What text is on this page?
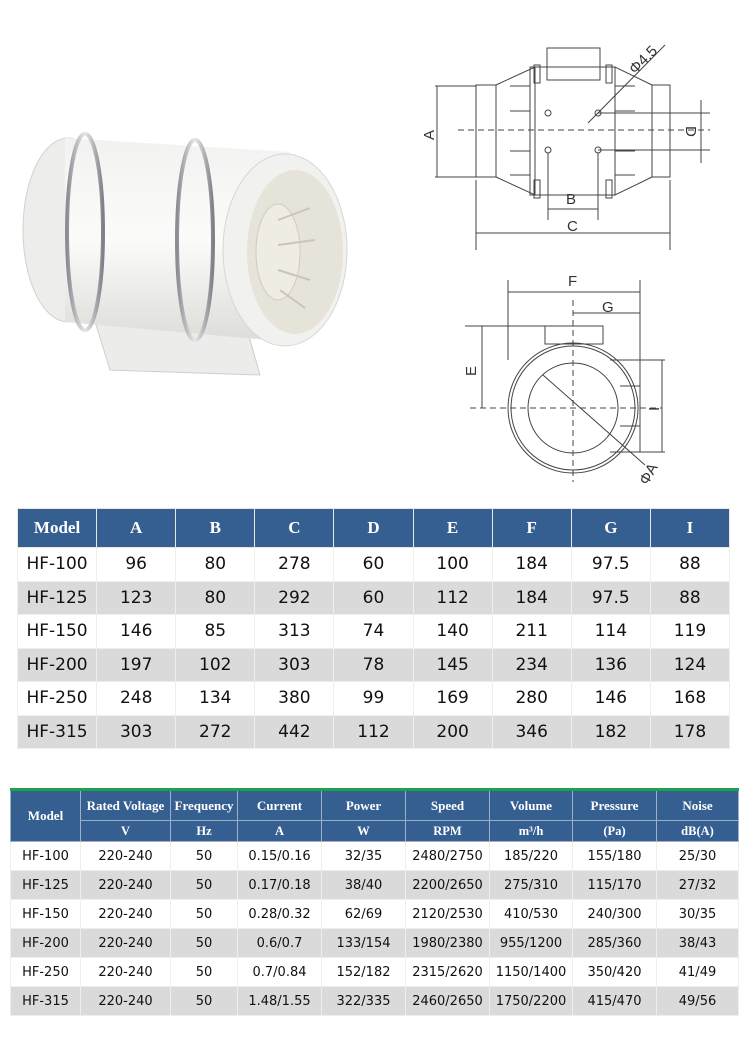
A
B
C
D
Φ4.5
F
G
E
I
ΦA
Model	A	B	C	D	E	F	G	I
HF-100	96	80	278	60	100	184	97.5	88
HF-125	123	80	292	60	112	184	97.5	88
HF-150	146	85	313	74	140	211	114	119
HF-200	197	102	303	78	145	234	136	124
HF-250	248	134	380	99	169	280	146	168
HF-315	303	272	442	112	200	346	182	178
Model	Rated Voltage	Frequency	Current	Power	Speed	Volume	Pressure	Noise
	V	Hz	A	W	RPM	m³/h	(Pa)	dB(A)
HF-100	220-240	50	0.15/0.16	32/35	2480/2750	185/220	155/180	25/30
HF-125	220-240	50	0.17/0.18	38/40	2200/2650	275/310	115/170	27/32
HF-150	220-240	50	0.28/0.32	62/69	2120/2530	410/530	240/300	30/35
HF-200	220-240	50	0.6/0.7	133/154	1980/2380	955/1200	285/360	38/43
HF-250	220-240	50	0.7/0.84	152/182	2315/2620	1150/1400	350/420	41/49
HF-315	220-240	50	1.48/1.55	322/335	2460/2650	1750/2200	415/470	49/56
